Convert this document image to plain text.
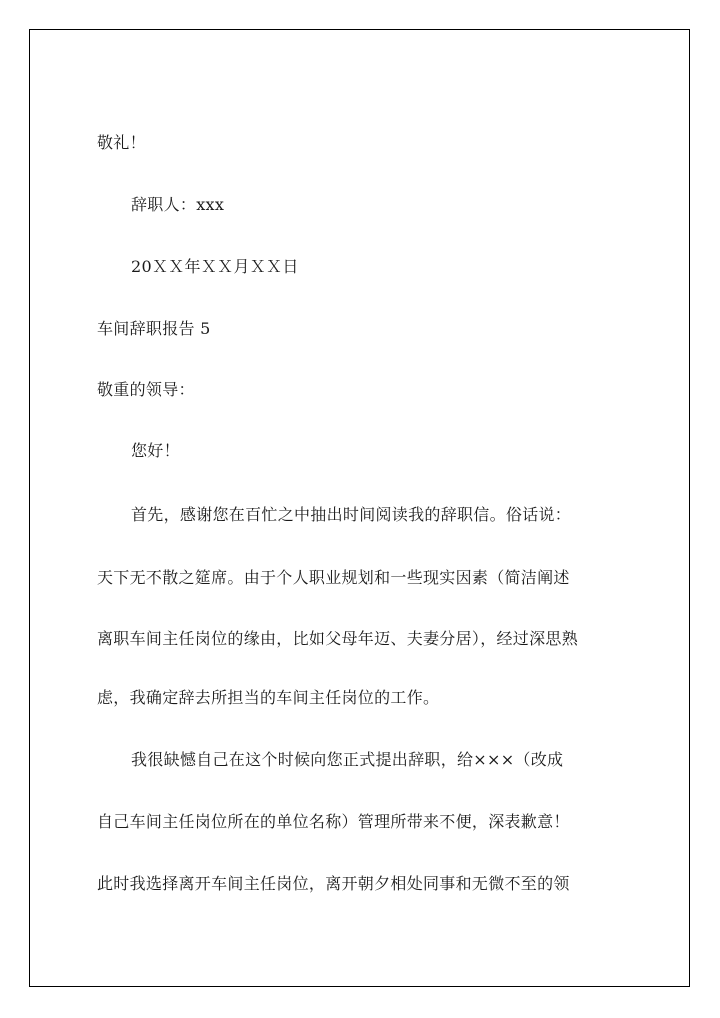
敬礼！
辞职人：xxx
20ＸＸ年ＸＸ月ＸＸ日
车间辞职报告 5
敬重的领导：
您好！
首先，感谢您在百忙之中抽出时间阅读我的辞职信。俗话说：
天下无不散之筵席。由于个人职业规划和一些现实因素（简洁阐述
离职车间主任岗位的缘由，比如父母年迈、夫妻分居），经过深思熟
虑，我确定辞去所担当的车间主任岗位的工作。
我很缺憾自己在这个时候向您正式提出辞职，给×××（改成
自己车间主任岗位所在的单位名称）管理所带来不便，深表歉意！
此时我选择离开车间主任岗位，离开朝夕相处同事和无微不至的领
